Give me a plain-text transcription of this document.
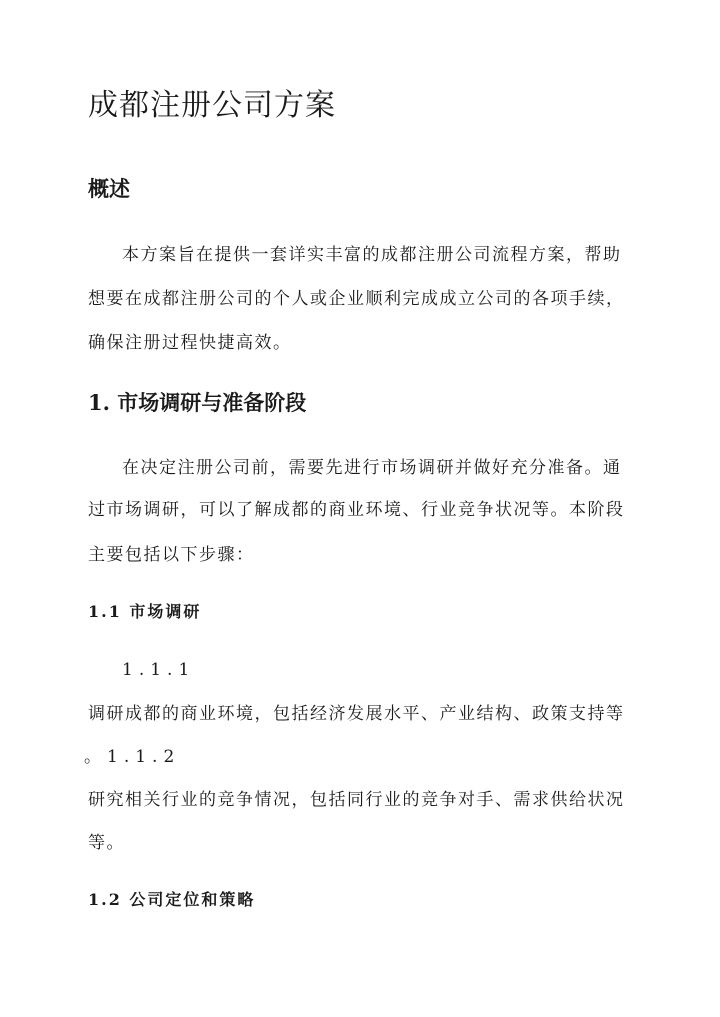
成都注册公司方案
概述

本方案旨在提供一套详实丰富的成都注册公司流程方案，帮助

想要在成都注册公司的个人或企业顺利完成成立公司的各项手续，

确保注册过程快捷高效。

1. 市场调研与准备阶段

在决定注册公司前，需要先进行市场调研并做好充分准备。通

过市场调研，可以了解成都的商业环境、行业竞争状况等。本阶段

主要包括以下步骤：

1.1 市场调研

1.1.1

调研成都的商业环境，包括经济发展水平、产业结构、政策支持等

。1.1.2

研究相关行业的竞争情况，包括同行业的竞争对手、需求供给状况

等。

1.2 公司定位和策略
